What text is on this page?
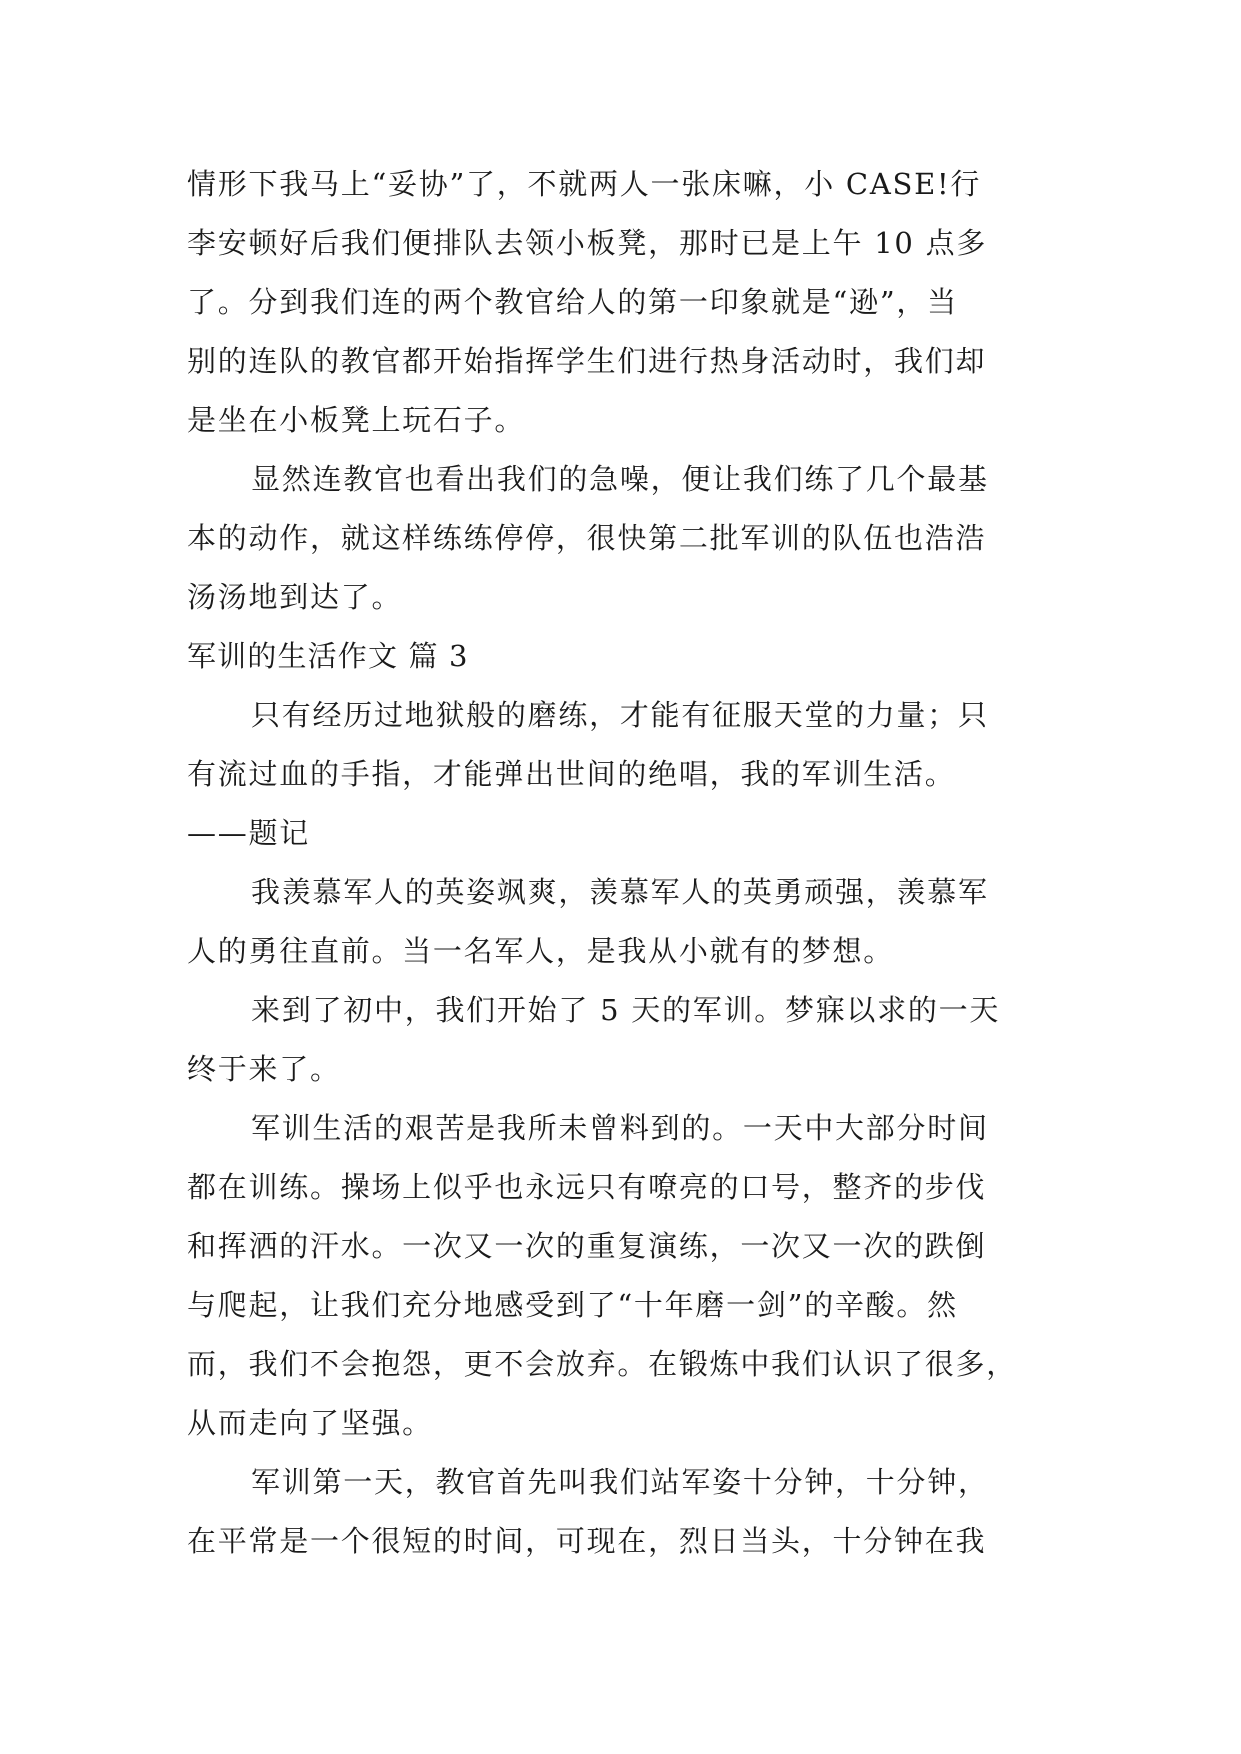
情形下我马上“妥协”了，不就两人一张床嘛，小 CASE!行
李安顿好后我们便排队去领小板凳，那时已是上午 10 点多
了。分到我们连的两个教官给人的第一印象就是“逊”，当
别的连队的教官都开始指挥学生们进行热身活动时，我们却
是坐在小板凳上玩石子。
显然连教官也看出我们的急噪，便让我们练了几个最基
本的动作，就这样练练停停，很快第二批军训的队伍也浩浩
汤汤地到达了。
军训的生活作文 篇 3
只有经历过地狱般的磨练，才能有征服天堂的力量；只
有流过血的手指，才能弹出世间的绝唱，我的军训生活。
——题记
我羡慕军人的英姿飒爽，羡慕军人的英勇顽强，羡慕军
人的勇往直前。当一名军人，是我从小就有的梦想。
来到了初中，我们开始了 5 天的军训。梦寐以求的一天
终于来了。
军训生活的艰苦是我所未曾料到的。一天中大部分时间
都在训练。操场上似乎也永远只有嘹亮的口号，整齐的步伐
和挥洒的汗水。一次又一次的重复演练，一次又一次的跌倒
与爬起，让我们充分地感受到了“十年磨一剑”的辛酸。然
而，我们不会抱怨，更不会放弃。在锻炼中我们认识了很多，
从而走向了坚强。
军训第一天，教官首先叫我们站军姿十分钟，十分钟，
在平常是一个很短的时间，可现在，烈日当头，十分钟在我
